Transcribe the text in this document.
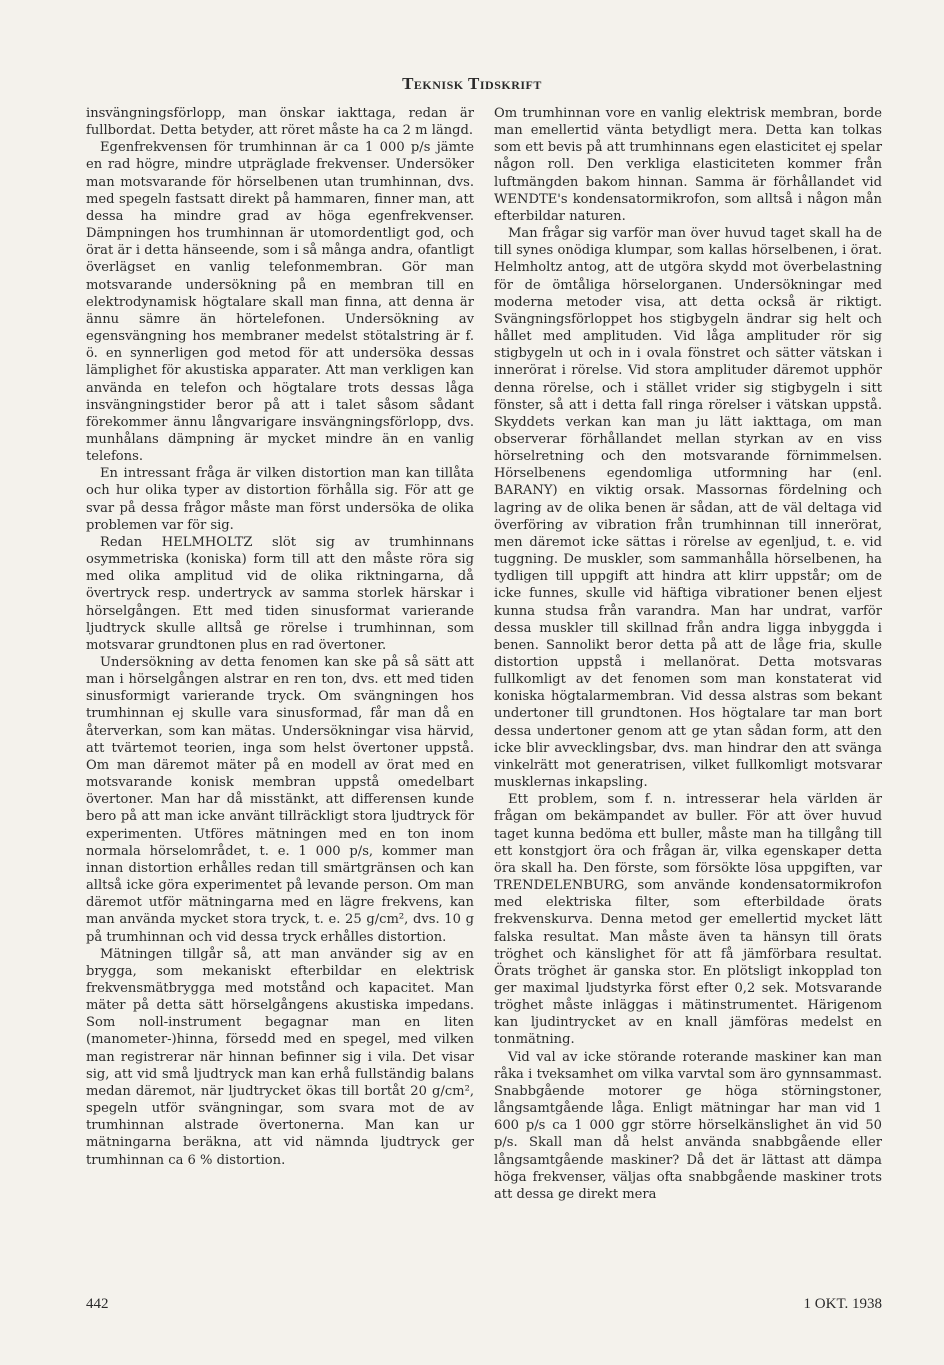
Teknisk Tidskrift

insvängningsförlopp, man önskar iakttaga, redan är fullbordat. Detta betyder, att röret måste ha ca 2 m längd.

Egenfrekvensen för trumhinnan är ca 1 000 p/s jämte en rad högre, mindre utpräglade frekvenser. Undersöker man motsvarande för hörselbenen utan trumhinnan, dvs. med spegeln fastsatt direkt på hammaren, finner man, att dessa ha mindre grad av höga egenfrekvenser. Dämpningen hos trumhinnan är utomordentligt god, och örat är i detta hänseende, som i så många andra, ofantligt överlägset en vanlig telefonmembran. Gör man motsvarande undersökning på en membran till en elektrodynamisk högtalare skall man finna, att denna är ännu sämre än hörtelefonen. Undersökning av egensvängning hos membraner medelst stötalstring är f. ö. en synnerligen god metod för att undersöka dessas lämplighet för akustiska apparater. Att man verkligen kan använda en telefon och högtalare trots dessas låga insvängningstider beror på att i talet såsom sådant förekommer ännu långvarigare insvängningsförlopp, dvs. munhålans dämpning är mycket mindre än en vanlig telefons.

En intressant fråga är vilken distortion man kan tillåta och hur olika typer av distortion förhålla sig. För att ge svar på dessa frågor måste man först undersöka de olika problemen var för sig.

Redan HELMHOLTZ slöt sig av trumhinnans osymmetriska (koniska) form till att den måste röra sig med olika amplitud vid de olika riktningarna, då övertryck resp. undertryck av samma storlek härskar i hörselgången. Ett med tiden sinusformat varierande ljudtryck skulle alltså ge rörelse i trumhinnan, som motsvarar grundtonen plus en rad övertoner.

Undersökning av detta fenomen kan ske på så sätt att man i hörselgången alstrar en ren ton, dvs. ett med tiden sinusformigt varierande tryck. Om svängningen hos trumhinnan ej skulle vara sinusformad, får man då en återverkan, som kan mätas. Undersökningar visa härvid, att tvärtemot teorien, inga som helst övertoner uppstå. Om man däremot mäter på en modell av örat med en motsvarande konisk membran uppstå omedelbart övertoner. Man har då misstänkt, att differensen kunde bero på att man icke använt tillräckligt stora ljudtryck för experimenten. Utföres mätningen med en ton inom normala hörselområdet, t. e. 1 000 p/s, kommer man innan distortion erhålles redan till smärtgränsen och kan alltså icke göra experimentet på levande person. Om man däremot utför mätningarna med en lägre frekvens, kan man använda mycket stora tryck, t. e. 25 g/cm², dvs. 10 g på trumhinnan och vid dessa tryck erhålles distortion.

Mätningen tillgår så, att man använder sig av en brygga, som mekaniskt efterbildar en elektrisk frekvensmätbrygga med motstånd och kapacitet. Man mäter på detta sätt hörselgångens akustiska impedans. Som noll-instrument begagnar man en liten (manometer-)hinna, försedd med en spegel, med vilken man registrerar när hinnan befinner sig i vila. Det visar sig, att vid små ljudtryck man kan erhå fullständig balans medan däremot, när ljudtrycket ökas till bortåt 20 g/cm², spegeln utför svängningar, som svara mot de av trumhinnan alstrade övertonerna. Man kan ur mätningarna beräkna, att vid nämnda ljudtryck ger trumhinnan ca 6 % distortion.

Om trumhinnan vore en vanlig elektrisk membran, borde man emellertid vänta betydligt mera. Detta kan tolkas som ett bevis på att trumhinnans egen elasticitet ej spelar någon roll. Den verkliga elasticiteten kommer från luftmängden bakom hinnan. Samma är förhållandet vid WENDTE's kondensatormikrofon, som alltså i någon mån efterbildar naturen.

Man frågar sig varför man över huvud taget skall ha de till synes onödiga klumpar, som kallas hörselbenen, i örat. Helmholtz antog, att de utgöra skydd mot överbelastning för de ömtåliga hörselorganen. Undersökningar med moderna metoder visa, att detta också är riktigt. Svängningsförloppet hos stigbygeln ändrar sig helt och hållet med amplituden. Vid låga amplituder rör sig stigbygeln ut och in i ovala fönstret och sätter vätskan i innerörat i rörelse. Vid stora amplituder däremot upphör denna rörelse, och i stället vrider sig stigbygeln i sitt fönster, så att i detta fall ringa rörelser i vätskan uppstå. Skyddets verkan kan man ju lätt iakttaga, om man observerar förhållandet mellan styrkan av en viss hörselretning och den motsvarande förnimmelsen. Hörselbenens egendomliga utformning har (enl. BARANY) en viktig orsak. Massornas fördelning och lagring av de olika benen är sådan, att de väl deltaga vid överföring av vibration från trumhinnan till innerörat, men däremot icke sättas i rörelse av egenljud, t. e. vid tuggning. De muskler, som sammanhålla hörselbenen, ha tydligen till uppgift att hindra att klirr uppstår; om de icke funnes, skulle vid häftiga vibrationer benen eljest kunna studsa från varandra. Man har undrat, varför dessa muskler till skillnad från andra ligga inbyggda i benen. Sannolikt beror detta på att de låge fria, skulle distortion uppstå i mellanörat. Detta motsvaras fullkomligt av det fenomen som man konstaterat vid koniska högtalarmembran. Vid dessa alstras som bekant undertoner till grundtonen. Hos högtalare tar man bort dessa undertoner genom att ge ytan sådan form, att den icke blir avvecklingsbar, dvs. man hindrar den att svänga vinkelrätt mot generatrisen, vilket fullkomligt motsvarar musklernas inkapsling.

Ett problem, som f. n. intresserar hela världen är frågan om bekämpandet av buller. För att över huvud taget kunna bedöma ett buller, måste man ha tillgång till ett konstgjort öra och frågan är, vilka egenskaper detta öra skall ha. Den förste, som försökte lösa uppgiften, var TRENDELENBURG, som använde kondensatormikrofon med elektriska filter, som efterbildade örats frekvenskurva. Denna metod ger emellertid mycket lätt falska resultat. Man måste även ta hänsyn till örats tröghet och känslighet för att få jämförbara resultat. Örats tröghet är ganska stor. En plötsligt inkopplad ton ger maximal ljudstyrka först efter 0,2 sek. Motsvarande tröghet måste inläggas i mätinstrumentet. Härigenom kan ljudintrycket av en knall jämföras medelst en tonmätning.

Vid val av icke störande roterande maskiner kan man råka i tveksamhet om vilka varvtal som äro gynnsammast. Snabbgående motorer ge höga störningstoner, långsamtgående låga. Enligt mätningar har man vid 1 600 p/s ca 1 000 ggr större hörselkänslighet än vid 50 p/s. Skall man då helst använda snabbgående eller långsamtgående maskiner? Då det är lättast att dämpa höga frekvenser, väljas ofta snabbgående maskiner trots att dessa ge direkt mera

442	1 OKT. 1938
